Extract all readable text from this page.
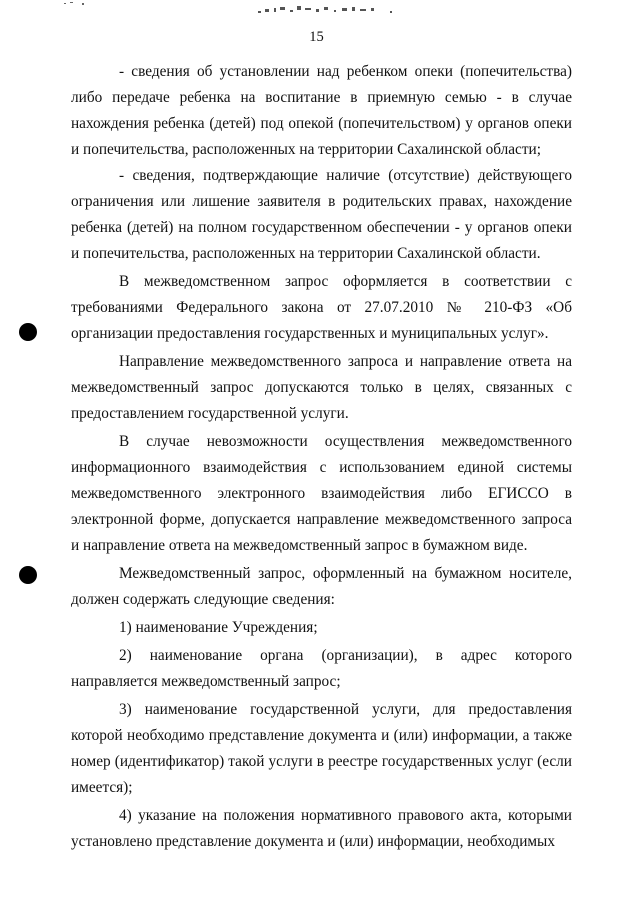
15

- сведения об установлении над ребенком опеки (попечительства) либо передаче ребенка на воспитание в приемную семью - в случае нахождения ребенка (детей) под опекой (попечительством) у органов опеки и попечительства, расположенных на территории Сахалинской области;

- сведения, подтверждающие наличие (отсутствие) действующего ограничения или лишение заявителя в родительских правах, нахождение ребенка (детей) на полном государственном обеспечении - у органов опеки и попечительства, расположенных на территории Сахалинской области.

В межведомственном запрос оформляется в соответствии с требованиями Федерального закона от 27.07.2010 № 210-ФЗ «Об организации предоставления государственных и муниципальных услуг».

Направление межведомственного запроса и направление ответа на межведомственный запрос допускаются только в целях, связанных с предоставлением государственной услуги.

В случае невозможности осуществления межведомственного информационного взаимодействия с использованием единой системы межведомственного электронного взаимодействия либо ЕГИССО в электронной форме, допускается направление межведомственного запроса и направление ответа на межведомственный запрос в бумажном виде.

Межведомственный запрос, оформленный на бумажном носителе, должен содержать следующие сведения:

1) наименование Учреждения;

2) наименование органа (организации), в адрес которого направляется межведомственный запрос;

3) наименование государственной услуги, для предоставления которой необходимо представление документа и (или) информации, а также номер (идентификатор) такой услуги в реестре государственных услуг (если имеется);

4) указание на положения нормативного правового акта, которыми установлено представление документа и (или) информации, необходимых
